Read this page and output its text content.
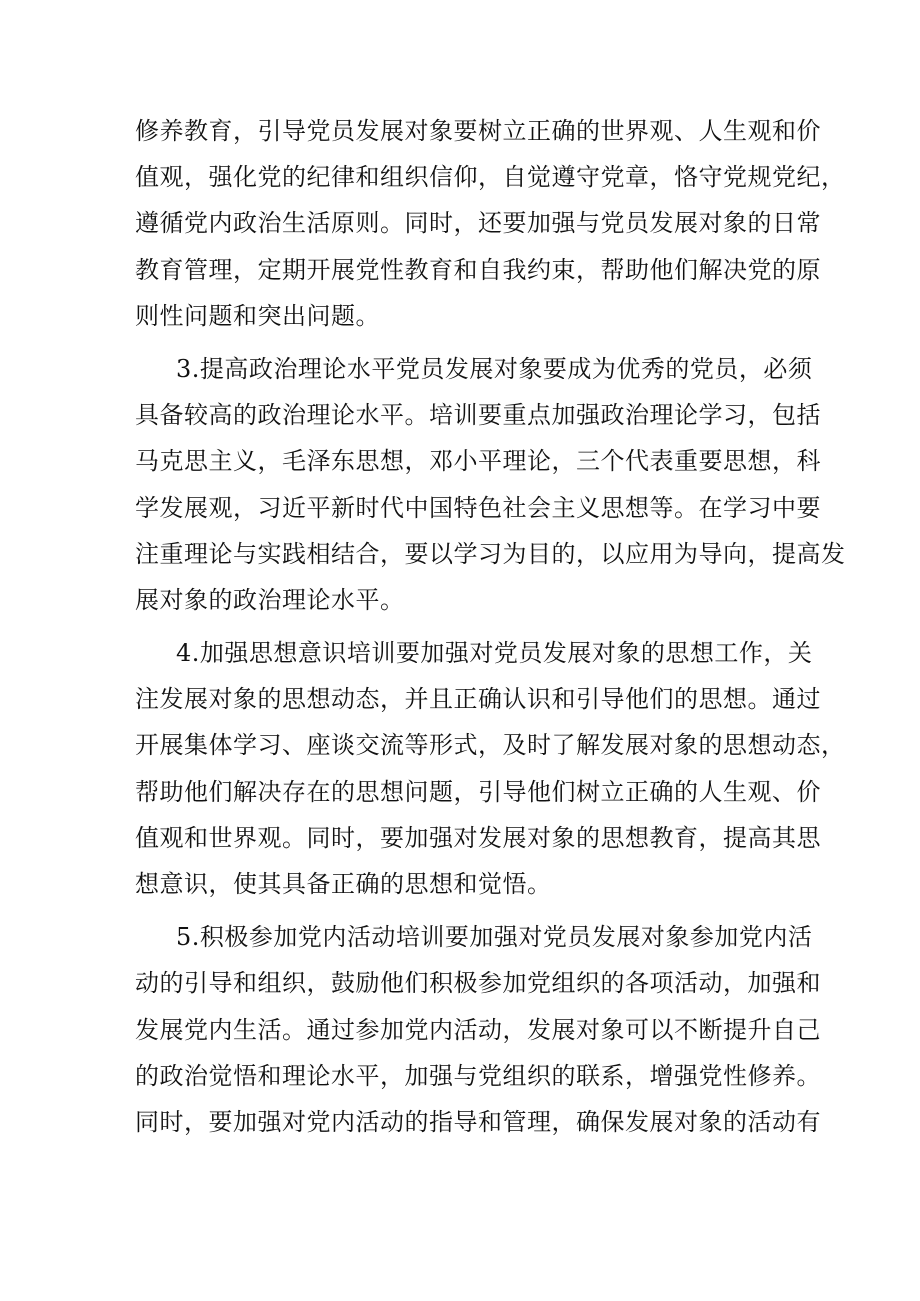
修养教育，引导党员发展对象要树立正确的世界观、人生观和价
值观，强化党的纪律和组织信仰，自觉遵守党章，恪守党规党纪，
遵循党内政治生活原则。同时，还要加强与党员发展对象的日常
教育管理，定期开展党性教育和自我约束，帮助他们解决党的原
则性问题和突出问题。
3.提高政治理论水平党员发展对象要成为优秀的党员，必须
具备较高的政治理论水平。培训要重点加强政治理论学习，包括
马克思主义，毛泽东思想，邓小平理论，三个代表重要思想，科
学发展观，习近平新时代中国特色社会主义思想等。在学习中要
注重理论与实践相结合，要以学习为目的，以应用为导向，提高发
展对象的政治理论水平。
4.加强思想意识培训要加强对党员发展对象的思想工作，关
注发展对象的思想动态，并且正确认识和引导他们的思想。通过
开展集体学习、座谈交流等形式，及时了解发展对象的思想动态，
帮助他们解决存在的思想问题，引导他们树立正确的人生观、价
值观和世界观。同时，要加强对发展对象的思想教育，提高其思
想意识，使其具备正确的思想和觉悟。
5.积极参加党内活动培训要加强对党员发展对象参加党内活
动的引导和组织，鼓励他们积极参加党组织的各项活动，加强和
发展党内生活。通过参加党内活动，发展对象可以不断提升自己
的政治觉悟和理论水平，加强与党组织的联系，增强党性修养。
同时，要加强对党内活动的指导和管理，确保发展对象的活动有
